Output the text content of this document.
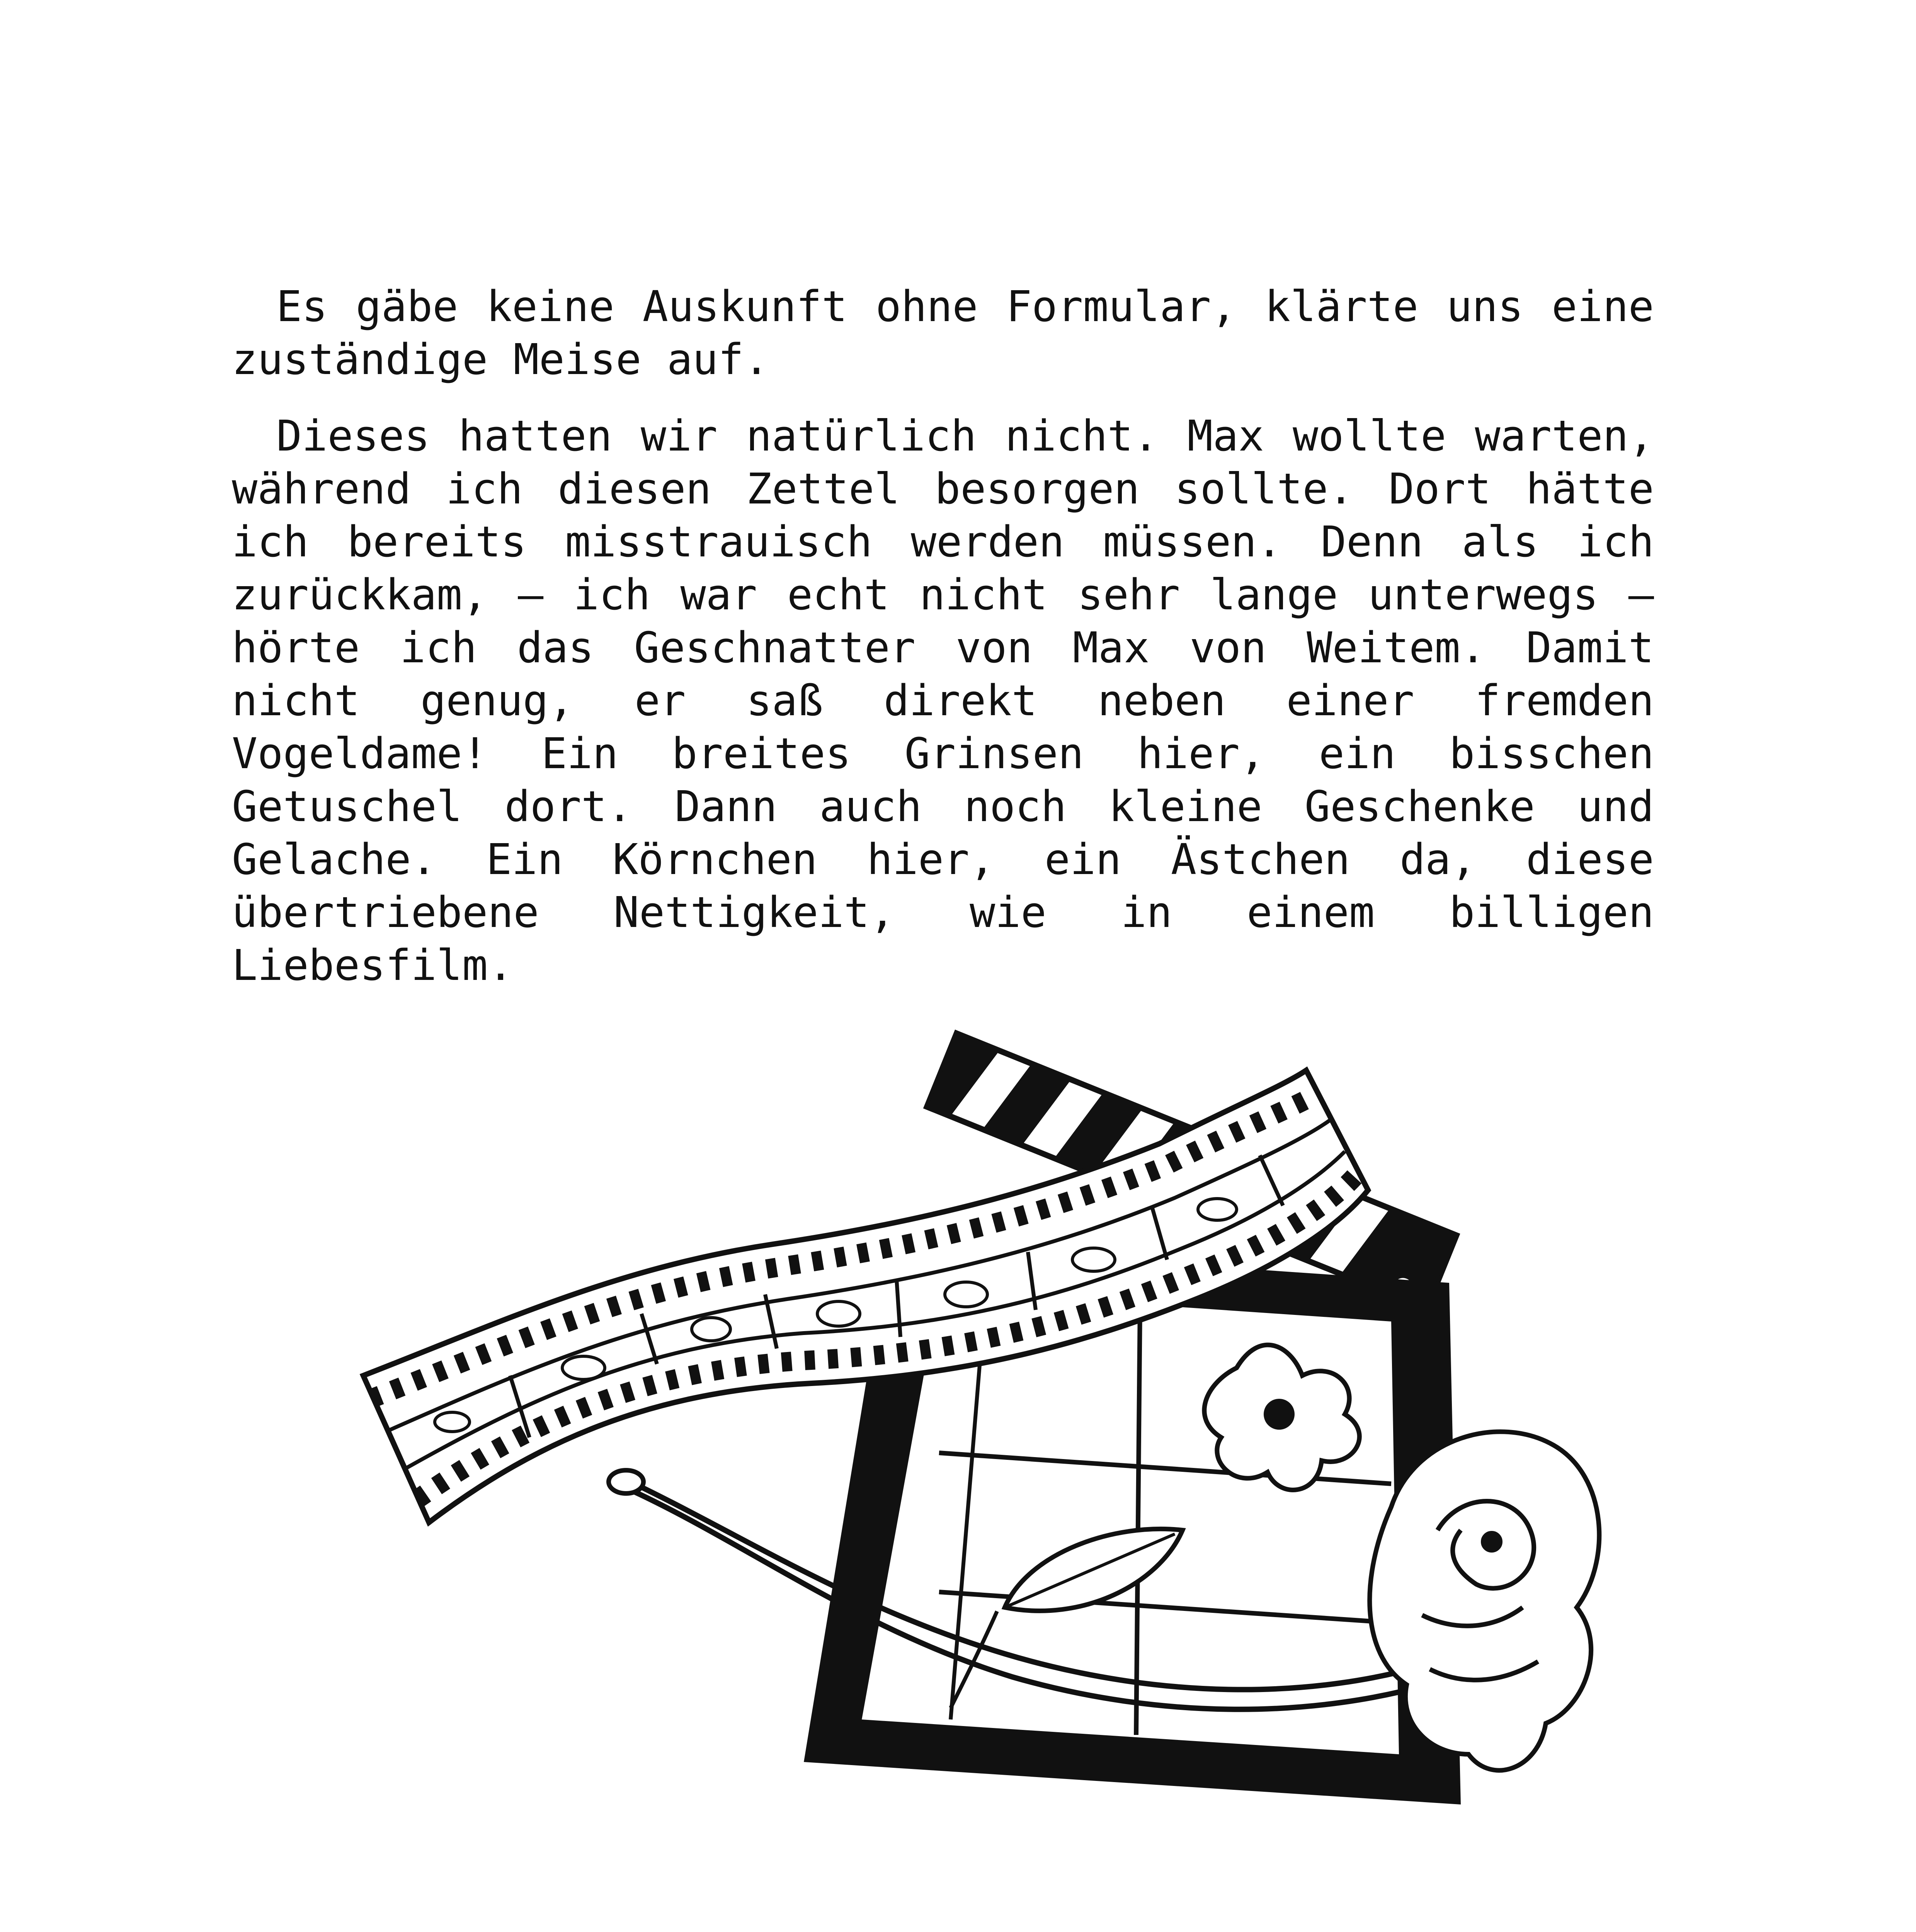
Es gäbe keine Auskunft ohne Formular, klärte uns eine zuständige Meise auf.

Dieses hatten wir natürlich nicht. Max wollte warten, während ich diesen Zettel besorgen sollte. Dort hätte ich bereits misstrauisch werden müssen. Denn als ich zurückkam, – ich war echt nicht sehr lange unterwegs – hörte ich das Geschnatter von Max von Weitem. Damit nicht genug, er saß direkt neben einer fremden Vogeldame! Ein breites Grinsen hier, ein bisschen Getuschel dort. Dann auch noch kleine Geschenke und Gelache. Ein Körnchen hier, ein Ästchen da, diese übertriebene Nettigkeit, wie in einem billigen Liebesfilm.
